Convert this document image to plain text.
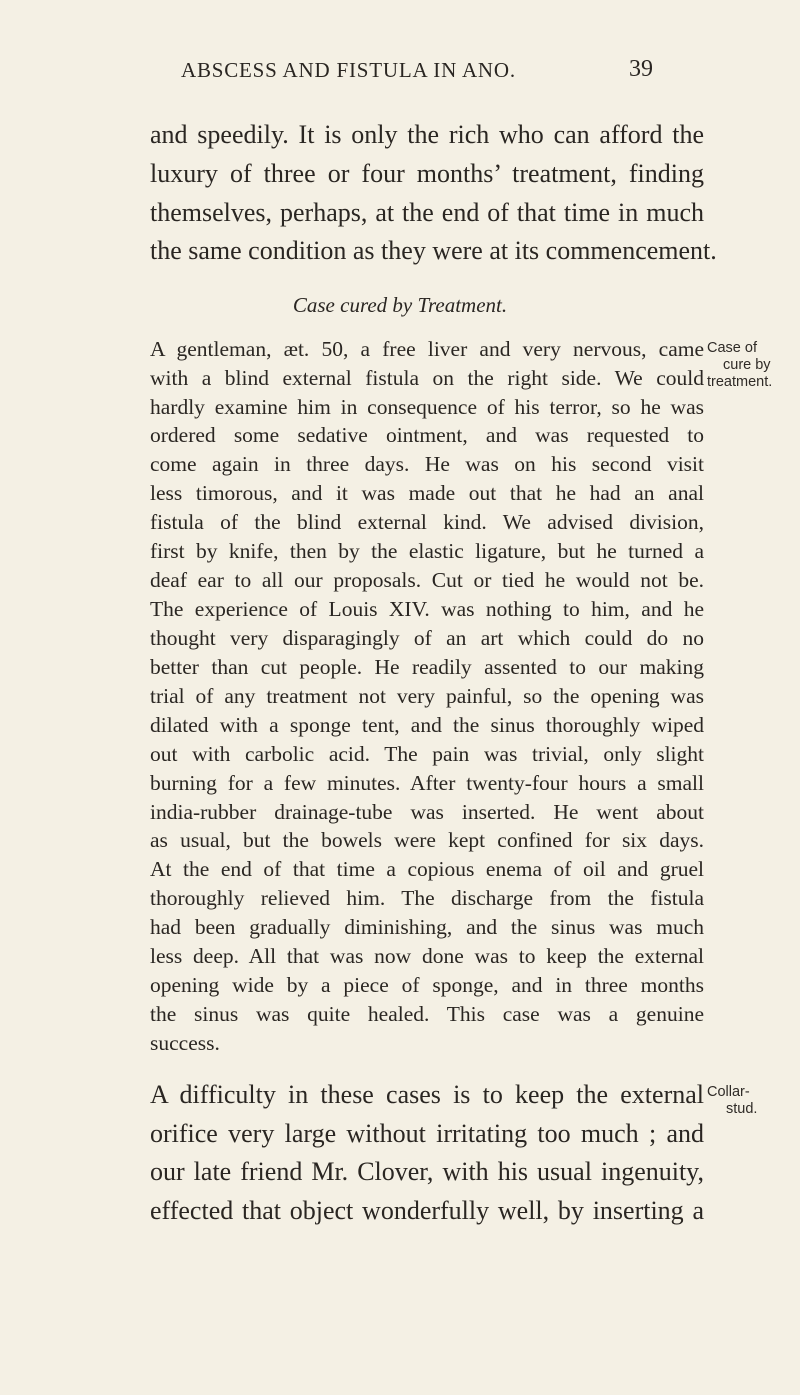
ABSCESS AND FISTULA IN ANO.	39
and speedily. It is only the rich who can afford the
luxury of three or four months’ treatment, finding
themselves, perhaps, at the end of that time in much
the same condition as they were at its commencement.
Case cured by Treatment.
A gentleman, æt. 50, a free liver and very nervous, came
with a blind external fistula on the right side. We could
hardly examine him in consequence of his terror, so he was
ordered some sedative ointment, and was requested to
come again in three days. He was on his second visit
less timorous, and it was made out that he had an anal
fistula of the blind external kind. We advised division,
first by knife, then by the elastic ligature, but he turned a
deaf ear to all our proposals. Cut or tied he would not be.
The experience of Louis XIV. was nothing to him, and he
thought very disparagingly of an art which could do no
better than cut people. He readily assented to our making
trial of any treatment not very painful, so the opening was
dilated with a sponge tent, and the sinus thoroughly wiped
out with carbolic acid. The pain was trivial, only slight
burning for a few minutes. After twenty-four hours a small
india-rubber drainage-tube was inserted. He went about
as usual, but the bowels were kept confined for six days.
At the end of that time a copious enema of oil and gruel
thoroughly relieved him. The discharge from the fistula
had been gradually diminishing, and the sinus was much
less deep. All that was now done was to keep the external
opening wide by a piece of sponge, and in three months
the sinus was quite healed. This case was a genuine
success.
A difficulty in these cases is to keep the external
orifice very large without irritating too much ; and
our late friend Mr. Clover, with his usual ingenuity,
effected that object wonderfully well, by inserting a
Case of
cure by
treatment.
Collar-
stud.
